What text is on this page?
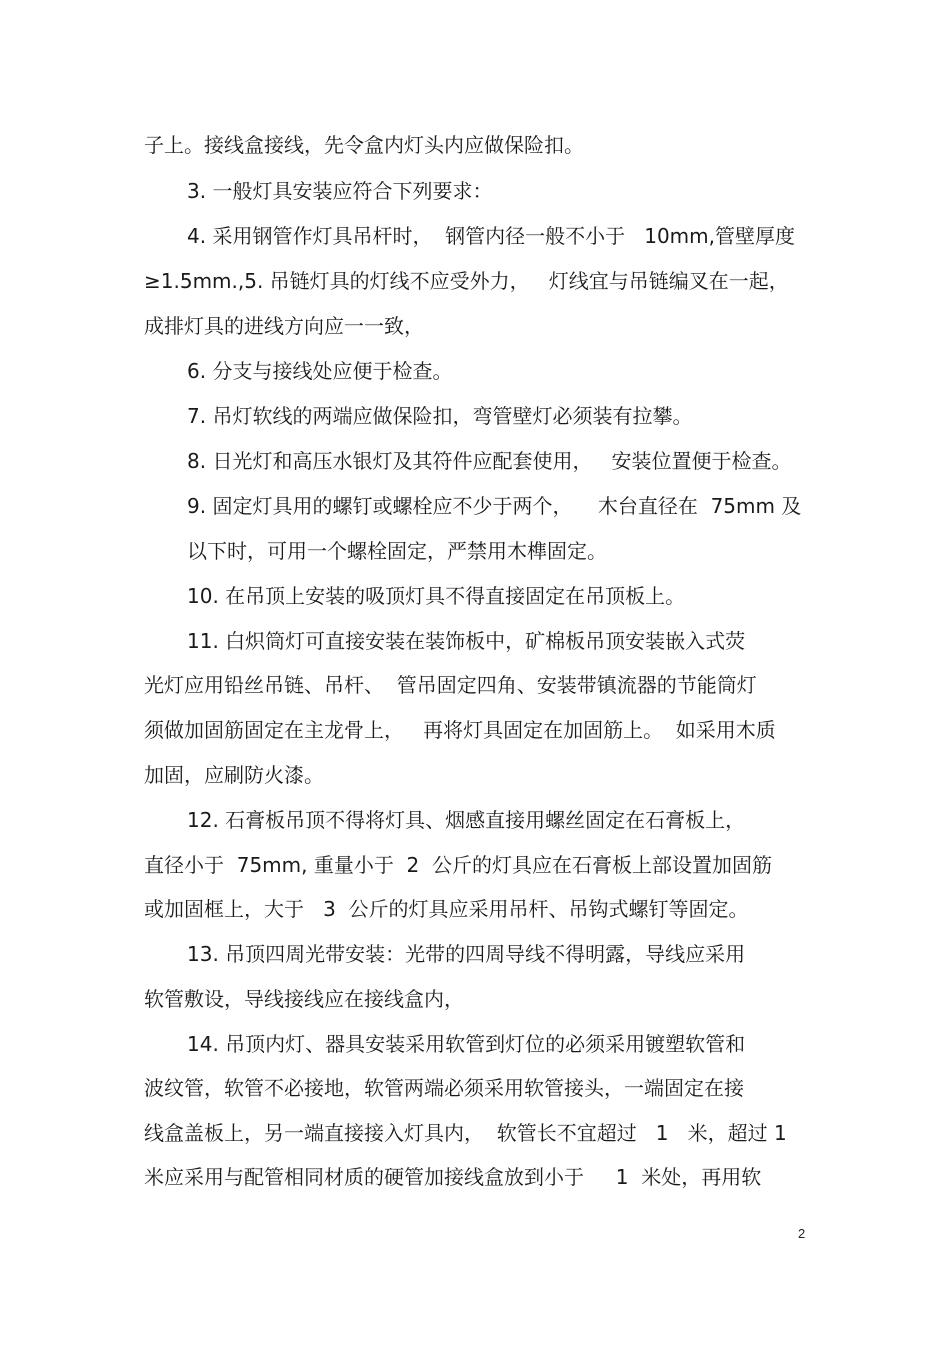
子上。接线盒接线，先令盒内灯头内应做保险扣。
3. 一般灯具安装应符合下列要求：
4. 采用钢管作灯具吊杆时，  钢管内径一般不小于   10mm,管壁厚度
≥1.5mm.,5. 吊链灯具的灯线不应受外力，   灯线宜与吊链编叉在一起，
成排灯具的进线方向应一一致，
6. 分支与接线处应便于检查。
7. 吊灯软线的两端应做保险扣，弯管壁灯必须装有拉攀。
8. 日光灯和高压水银灯及其符件应配套使用，   安装位置便于检查。
9. 固定灯具用的螺钉或螺栓应不少于两个，    木台直径在  75mm 及
以下时，可用一个螺栓固定，严禁用木榫固定。
10. 在吊顶上安装的吸顶灯具不得直接固定在吊顶板上。
11. 白炽筒灯可直接安装在装饰板中，矿棉板吊顶安装嵌入式荧
光灯应用铅丝吊链、吊杆、  管吊固定四角、安装带镇流器的节能筒灯
须做加固筋固定在主龙骨上，   再将灯具固定在加固筋上。  如采用木质
加固，应刷防火漆。
12. 石膏板吊顶不得将灯具、烟感直接用螺丝固定在石膏板上，
直径小于  75mm, 重量小于  2  公斤的灯具应在石膏板上部设置加固筋
或加固框上，大于   3  公斤的灯具应采用吊杆、吊钩式螺钉等固定。
13. 吊顶四周光带安装：光带的四周导线不得明露，导线应采用
软管敷设，导线接线应在接线盒内，
14. 吊顶内灯、器具安装采用软管到灯位的必须采用镀塑软管和
波纹管，软管不必接地，软管两端必须采用软管接头，一端固定在接
线盒盖板上，另一端直接接入灯具内，  软管长不宜超过   1   米，超过 1
米应采用与配管相同材质的硬管加接线盒放到小于     1  米处，再用软
2
